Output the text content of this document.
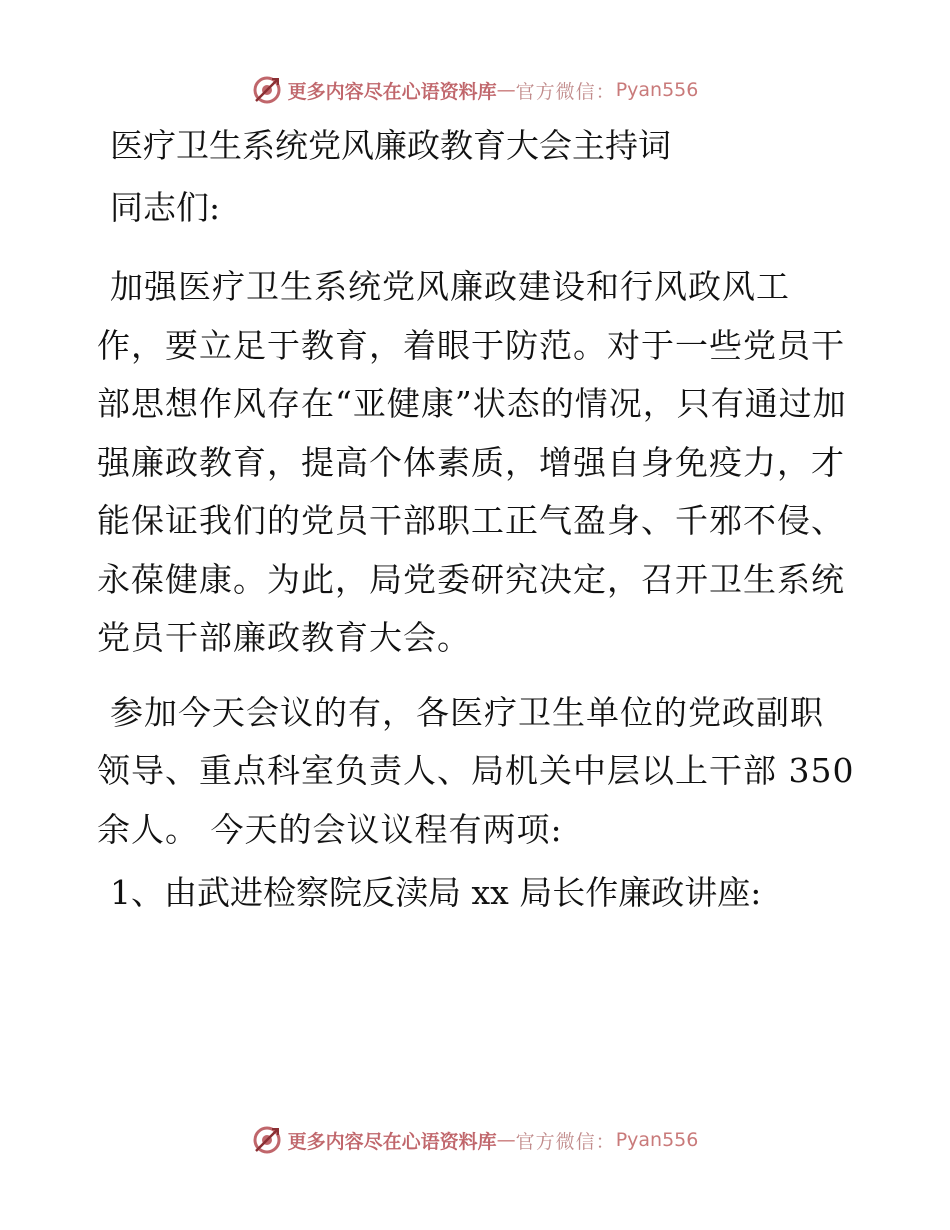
更多内容尽在心语资料库 — 官方微信： Pyan556
医疗卫生系统党风廉政教育大会主持词
同志们:

加强医疗卫生系统党风廉政建设和行风政风工作，要立足于教育，着眼于防范。对于一些党员干部思想作风存在“亚健康”状态的情况，只有通过加强廉政教育，提高个体素质，增强自身免疫力，才能保证我们的党员干部职工正气盈身、千邪不侵、永葆健康。为此，局党委研究决定，召开卫生系统党员干部廉政教育大会。

参加今天会议的有，各医疗卫生单位的党政副职领导、重点科室负责人、局机关中层以上干部 350 余人。 今天的会议议程有两项:

1、由武进检察院反渎局 xx 局长作廉政讲座:
更多内容尽在心语资料库 — 官方微信： Pyan556
